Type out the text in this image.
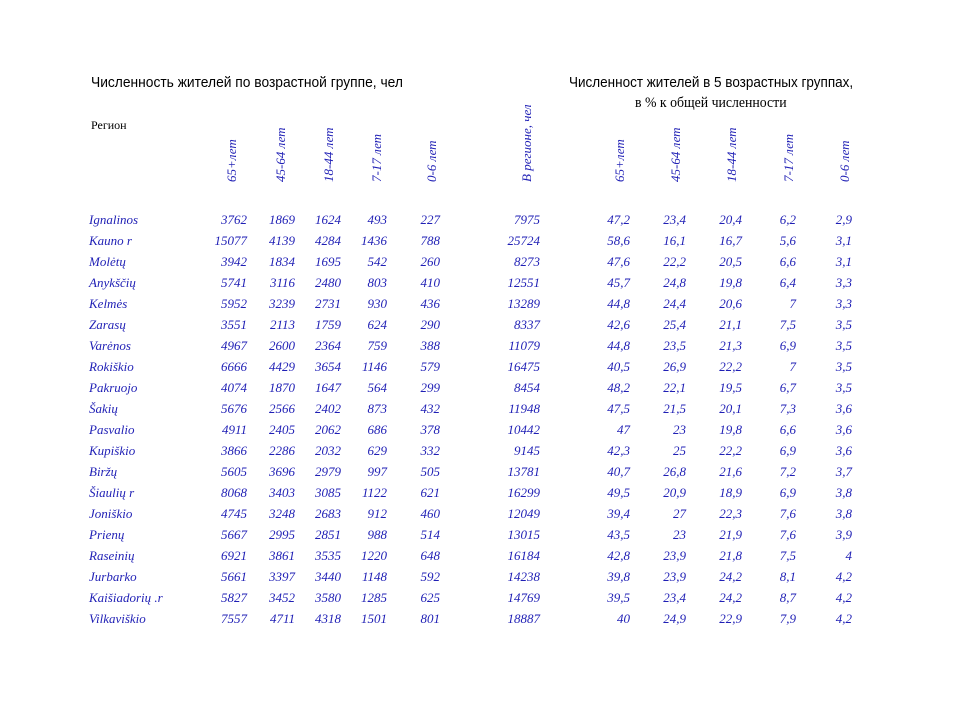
Численность жителей по возрастной группе, чел	Численност жителей в 5 возрастных группах,
в % к общей численности
Регион
65+лет	45-64 лет	18-44 лет	7-17 лет	0-6 лет	В регионе, чел	65+лет	45-64 лет	18-44 лет	7-17 лет	0-6 лет
Ignalinos	3762 1869 1624 493	227	7975	47,2	23,4	20,4	6,2	2,9
Kauno r	15077 4139 4284 1436	788	25724	58,6	16,1	16,7	5,6	3,1
Molėtų	3942 1834 1695 542	260	8273	47,6	22,2	20,5	6,6	3,1
Anykščių	5741 3116 2480 803	410	12551	45,7	24,8	19,8	6,4	3,3
Kelmės	5952 3239 2731 930	436	13289	44,8	24,4	20,6	7	3,3
Zarasų	3551 2113 1759 624	290	8337	42,6	25,4	21,1	7,5	3,5
Varėnos	4967 2600 2364 759	388	11079	44,8	23,5	21,3	6,9	3,5
Rokiškio	6666 4429 3654 1146	579	16475	40,5	26,9	22,2	7	3,5
Pakruojo	4074 1870 1647 564	299	8454	48,2	22,1	19,5	6,7	3,5
Šakių	5676 2566 2402 873	432	11948	47,5	21,5	20,1	7,3	3,6
Pasvalio	4911 2405 2062 686	378	10442	47	23	19,8	6,6	3,6
Kupiškio	3866 2286 2032 629	332	9145	42,3	25	22,2	6,9	3,6
Biržų	5605 3696 2979 997	505	13781	40,7	26,8	21,6	7,2	3,7
Šiaulių r	8068 3403 3085 1122	621	16299	49,5	20,9	18,9	6,9	3,8
Joniškio	4745 3248 2683 912	460	12049	39,4	27	22,3	7,6	3,8
Prienų	5667 2995 2851 988	514	13015	43,5	23	21,9	7,6	3,9
Raseinių	6921 3861 3535 1220	648	16184	42,8	23,9	21,8	7,5	4
Jurbarko	5661 3397 3440 1148	592	14238	39,8	23,9	24,2	8,1	4,2
Kaišiadorių .r	5827 3452 3580 1285	625	14769	39,5	23,4	24,2	8,7	4,2
Vilkaviškio	7557 4711 4318 1501	801	18887	40	24,9	22,9	7,9	4,2
